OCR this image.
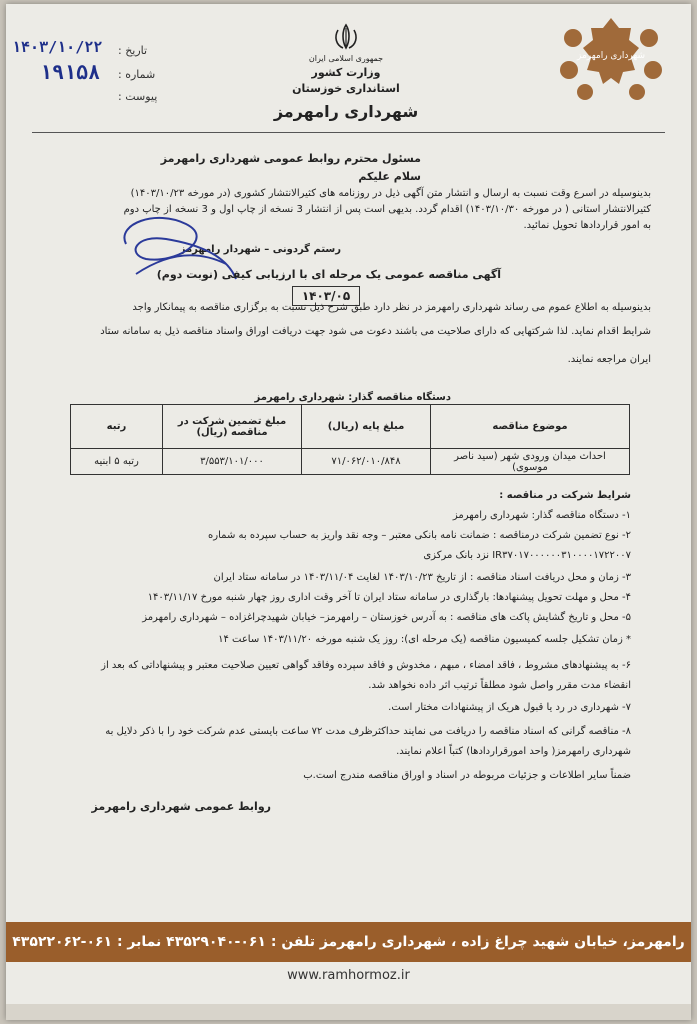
۱۴۰۳/۱۰/۲۲ تاریخ :
۱۹۱۵۸ شماره :
پیوست :
جمهوری اسلامی ایران
وزارت کشور
استانداری خوزستان
شهرداری رامهرمز
شهرداری رامهرمز
مسئول محترم روابط عمومی شهرداری رامهرمز
سلام علیکم
بدینوسیله در اسرع وقت نسبت به ارسال و انتشار متن آگهی ذیل در روزنامه های کثیرالانتشار کشوری (در مورخه ۱۴۰۳/۱۰/۲۳)
کثیرالانتشار استانی ( در مورخه ۱۴۰۳/۱۰/۳۰) اقدام گردد. بدیهی است پس از انتشار 3 نسخه از چاپ اول و 3 نسخه از چاپ دوم
به امور قراردادها تحویل نمائید.
رستم گردونی – شهردار رامهرمز
آگهی مناقصه عمومی یک مرحله ای با ارزیابی کیفی (نوبت دوم)
۱۴۰۳/۰۵
بدینوسیله به اطلاع عموم می رساند شهرداری رامهرمز در نظر دارد طبق شرح ذیل نسبت به برگزاری مناقصه به پیمانکار واجد
شرایط اقدام نماید. لذا شرکتهایی که دارای صلاحیت می باشند دعوت می شود جهت دریافت اوراق واسناد مناقصه ذیل به سامانه ستاد
ایران مراجعه نمایند.
دستگاه مناقصه گذار: شهرداری رامهرمز
موضوع مناقصه	مبلغ پایه (ریال)	مبلغ تضمین شرکت در مناقصه (ریال)	رتبه
احداث میدان ورودی شهر (سید ناصر موسوی)	۷۱/۰۶۲/۰۱۰/۸۴۸	۳/۵۵۳/۱۰۱/۰۰۰	رتبه ۵ ابنیه
شرایط شرکت در مناقصه :
۱- دستگاه مناقصه گذار: شهرداری رامهرمز
۲- نوع تضمین شرکت درمناقصه : ضمانت نامه بانکی معتبر – وجه نقد واریز به حساب سپرده به شماره
IR۳۷۰۱۷۰۰۰۰۰۰۳۱۰۰۰۰۱۷۲۲۰۰۷ نزد بانک مرکزی
۳- زمان و محل دریافت اسناد مناقصه : از تاریخ ۱۴۰۳/۱۰/۲۳ لغایت ۱۴۰۳/۱۱/۰۴ در سامانه ستاد ایران
۴- محل و مهلت تحویل پیشنهادها: بارگذاری در سامانه ستاد ایران تا آخر وقت اداری روز چهار شنبه مورخ ۱۴۰۳/۱۱/۱۷
۵- محل و تاریخ گشایش پاکت های مناقصه : به آدرس خوزستان – رامهرمز– خیابان شهیدچراغزاده – شهرداری رامهرمز
* زمان تشکیل جلسه کمیسیون مناقصه (یک مرحله ای): روز یک شنبه مورخه ۱۴۰۳/۱۱/۲۰ ساعت ۱۴
۶- به پیشنهادهای مشروط ، فاقد امضاء ، مبهم ، مخدوش و فاقد سپرده وفاقد گواهی تعیین صلاحیت معتبر و پیشنهاداتی که بعد از
انقضاء مدت مقرر واصل شود مطلقاً ترتیب اثر داده نخواهد شد.
۷- شهرداری در رد یا قبول هریک از پیشنهادات مختار است.
۸- مناقصه گرانی که اسناد مناقصه را دریافت می نمایند حداکثرظرف مدت ۷۲ ساعت بایستی عدم شرکت خود را با ذکر دلایل به
شهرداری رامهرمز( واحد امورقراردادها) کتباً اعلام نمایند.
ضمناً سایر اطلاعات و جزئیات مربوطه در اسناد و اوراق مناقصه مندرج است.ب
روابط عمومی شهرداری رامهرمز
رامهرمز، خیابان شهید چراغ زاده ، شهرداری رامهرمز تلفن : ۰۶۱-۴۳۵۲۹۰۴۰ نمابر : ۰۶۱-۴۳۵۲۲۰۶۲
www.ramhormoz.ir
